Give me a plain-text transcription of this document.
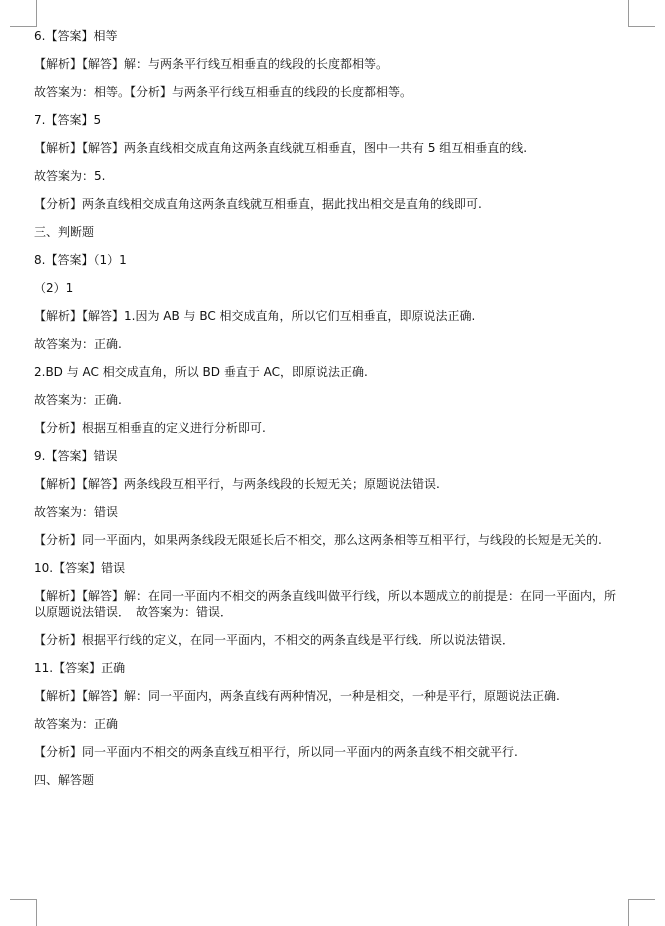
6.【答案】相等

【解析】【解答】解：与两条平行线互相垂直的线段的长度都相等。

故答案为：相等。【分析】与两条平行线互相垂直的线段的长度都相等。

7.【答案】5

【解析】【解答】两条直线相交成直角这两条直线就互相垂直，图中一共有 5 组互相垂直的线.

故答案为：5.

【分析】两条直线相交成直角这两条直线就互相垂直，据此找出相交是直角的线即可.

三、判断题

8.【答案】（1）1

（2）1

【解析】【解答】1.因为 AB 与 BC 相交成直角，所以它们互相垂直，即原说法正确.

故答案为：正确.

2.BD 与 AC 相交成直角，所以 BD 垂直于 AC，即原说法正确.

故答案为：正确.

【分析】根据互相垂直的定义进行分析即可.

9.【答案】错误

【解析】【解答】两条线段互相平行，与两条线段的长短无关；原题说法错误.

故答案为：错误

【分析】同一平面内，如果两条线段无限延长后不相交，那么这两条相等互相平行，与线段的长短是无关的.

10.【答案】错误

【解析】【解答】解：在同一平面内不相交的两条直线叫做平行线，所以本题成立的前提是：在同一平面内，所以原题说法错误．　故答案为：错误．

【分析】根据平行线的定义，在同一平面内，不相交的两条直线是平行线．所以说法错误．

11.【答案】正确

【解析】【解答】解：同一平面内，两条直线有两种情况，一种是相交，一种是平行，原题说法正确.

故答案为：正确

【分析】同一平面内不相交的两条直线互相平行，所以同一平面内的两条直线不相交就平行.

四、解答题
